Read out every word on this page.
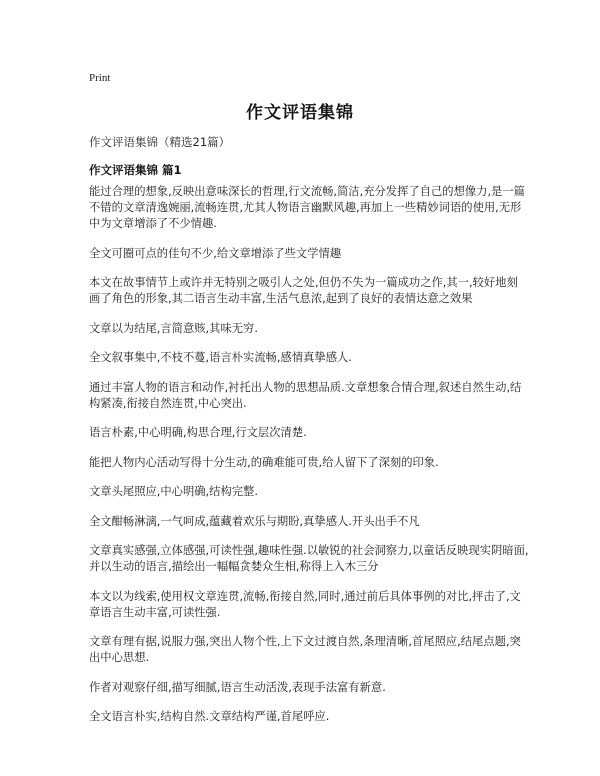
Print
作文评语集锦
作文评语集锦（精选21篇）
作文评语集锦 篇1

能过合理的想象,反映出意味深长的哲理,行文流畅,简洁,充分发挥了自己的想像力,是一篇不错的文章清逸婉丽,流畅连贯,尤其人物语言幽默风趣,再加上一些精妙词语的使用,无形中为文章增添了不少情趣.

全文可圈可点的佳句不少,给文章增添了些文学情趣

本文在故事情节上或许并无特别之吸引人之处,但仍不失为一篇成功之作,其一,较好地刻画了角色的形象,其二语言生动丰富,生活气息浓,起到了良好的表情达意之效果

文章以为结尾,言简意赅,其味无穷.

全文叙事集中,不枝不蔓,语言朴实流畅,感情真挚感人.

通过丰富人物的语言和动作,衬托出人物的思想品质.文章想象合情合理,叙述自然生动,结构紧凑,衔接自然连贯,中心突出.

语言朴素,中心明确,构思合理,行文层次清楚.

能把人物内心活动写得十分生动,的确难能可贵,给人留下了深刻的印象.

文章头尾照应,中心明确,结构完整.

全文酣畅淋漓,一气呵成,蕴藏着欢乐与期盼,真挚感人.开头出手不凡

文章真实感强,立体感强,可读性强,趣味性强.以敏锐的社会洞察力,以童话反映现实阴暗面,并以生动的语言,描绘出一幅幅贪婪众生相,称得上入木三分

本文以为线索,使用权文章连贯,流畅,衔接自然,同时,通过前后具体事例的对比,抨击了,文章语言生动丰富,可读性强.

文章有理有据,说服力强,突出人物个性,上下文过渡自然,条理清晰,首尾照应,结尾点题,突出中心思想.

作者对观察仔细,描写细腻,语言生动活泼,表现手法富有新意.

全文语言朴实,结构自然.文章结构严谨,首尾呼应.
